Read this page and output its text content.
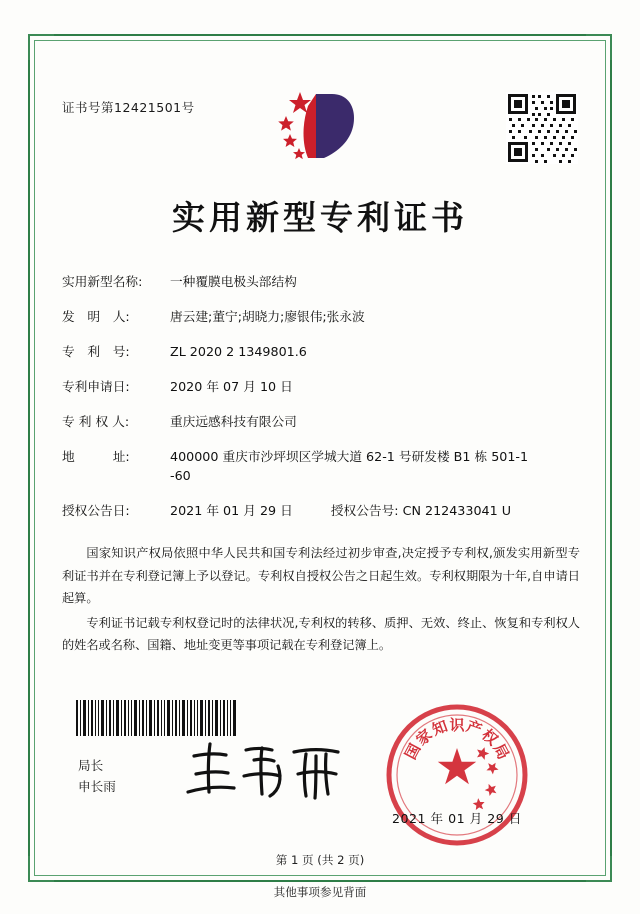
证书号第12421501号
实用新型专利证书
实用新型名称:	一种覆膜电极头部结构
发　明　人:	唐云建;董宁;胡晓力;廖银伟;张永波
专　利　号:	ZL 2020 2 1349801.6
专利申请日:	2020 年 07 月 10 日
专 利 权 人:	重庆远感科技有限公司
地　　　址:	400000 重庆市沙坪坝区学城大道 62-1 号研发楼 B1 栋 501-1
-60
授权公告日:	2021 年 01 月 29 日	授权公告号: CN 212433041 U

国家知识产权局依照中华人民共和国专利法经过初步审查,决定授予专利权,颁发实用新型专利证书并在专利登记簿上予以登记。专利权自授权公告之日起生效。专利权期限为十年,自申请日起算。

专利证书记载专利权登记时的法律状况,专利权的转移、质押、无效、终止、恢复和专利权人的姓名或名称、国籍、地址变更等事项记载在专利登记簿上。

国
家
知 识 产
权
局
局长
申长雨
2021 年 01 月 29 日
第 1 页 (共 2 页)
其他事项参见背面
